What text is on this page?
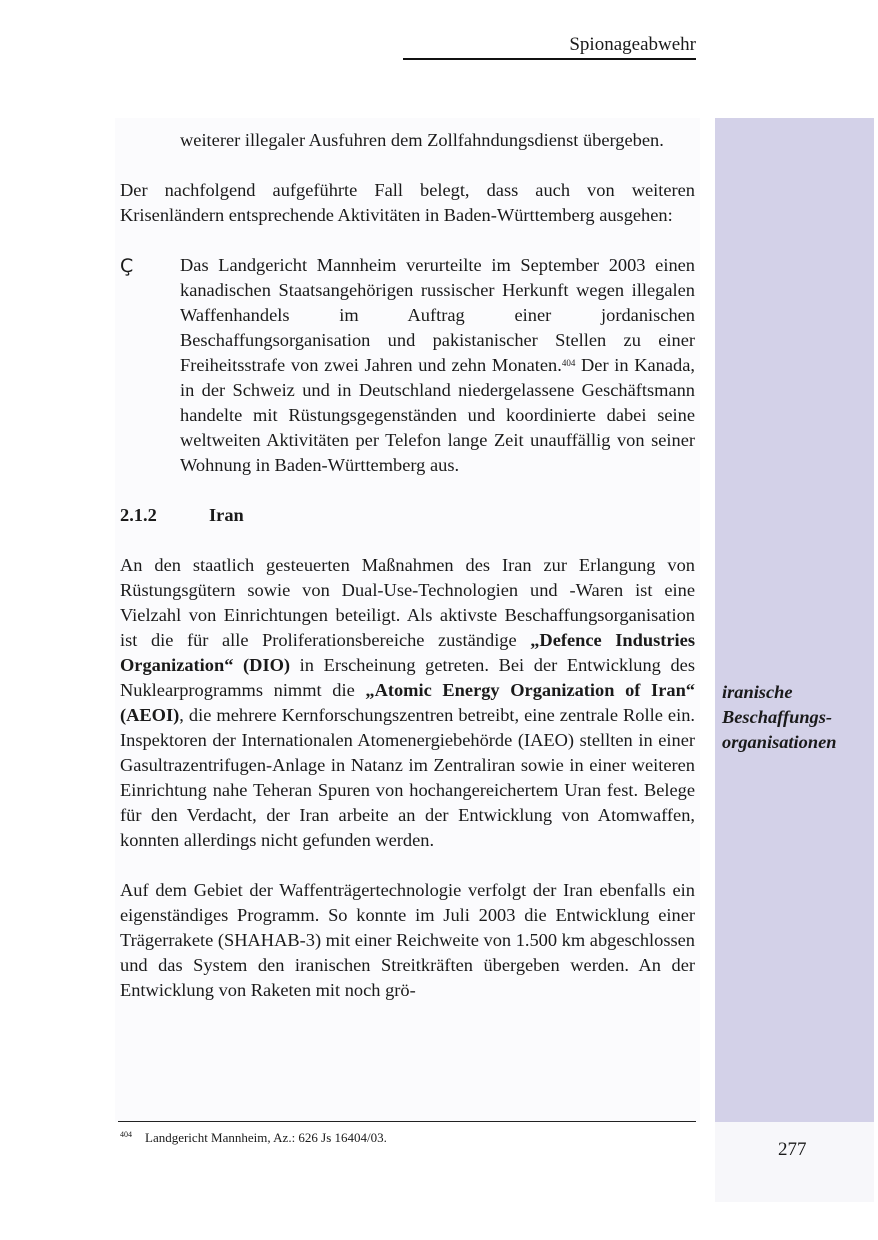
Spionageabwehr

weiterer illegaler Ausfuhren dem Zollfahndungsdienst übergeben.

Der nachfolgend aufgeführte Fall belegt, dass auch von weiteren Krisenländern entsprechende Aktivitäten in Baden-Württemberg ausgehen:

Ç	Das Landgericht Mannheim verurteilte im September 2003 einen kanadischen Staatsangehörigen russischer Herkunft wegen illegalen Waffenhandels im Auftrag einer jordanischen Beschaffungsorganisation und pakistanischer Stellen zu einer Freiheitsstrafe von zwei Jahren und zehn Monaten.$^{404}$ Der in Kanada, in der Schweiz und in Deutschland niedergelassene Geschäftsmann handelte mit Rüstungsgegenständen und koordinierte dabei seine weltweiten Aktivitäten per Telefon lange Zeit unauffällig von seiner Wohnung in Baden-Württemberg aus.

2.1.2	Iran

An den staatlich gesteuerten Maßnahmen des Iran zur Erlangung von Rüstungsgütern sowie von Dual-Use-Technologien und -Waren ist eine Vielzahl von Einrichtungen beteiligt. Als aktivste Beschaffungsorganisation ist die für alle Proliferationsbereiche zuständige „Defence Industries Organization“ (DIO) in Erscheinung getreten. Bei der Entwicklung des Nuklearprogramms nimmt die „Atomic Energy Organization of Iran“ (AEOI), die mehrere Kernforschungszentren betreibt, eine zentrale Rolle ein. Inspektoren der Internationalen Atomenergiebehörde (IAEO) stellten in einer Gasultrazentrifugen-Anlage in Natanz im Zentraliran sowie in einer weiteren Einrichtung nahe Teheran Spuren von hochangereichertem Uran fest. Belege für den Verdacht, der Iran arbeite an der Entwicklung von Atomwaffen, konnten allerdings nicht gefunden werden.

Auf dem Gebiet der Waffenträgertechnologie verfolgt der Iran ebenfalls ein eigenständiges Programm. So konnte im Juli 2003 die Entwicklung einer Trägerrakete (SHAHAB-3) mit einer Reichweite von 1.500 km abgeschlossen und das System den iranischen Streitkräften übergeben werden. An der Entwicklung von Raketen mit noch grö-

iranische
Beschaffungs-
organisationen
404 Landgericht Mannheim, Az.: 626 Js 16404/03.
277
